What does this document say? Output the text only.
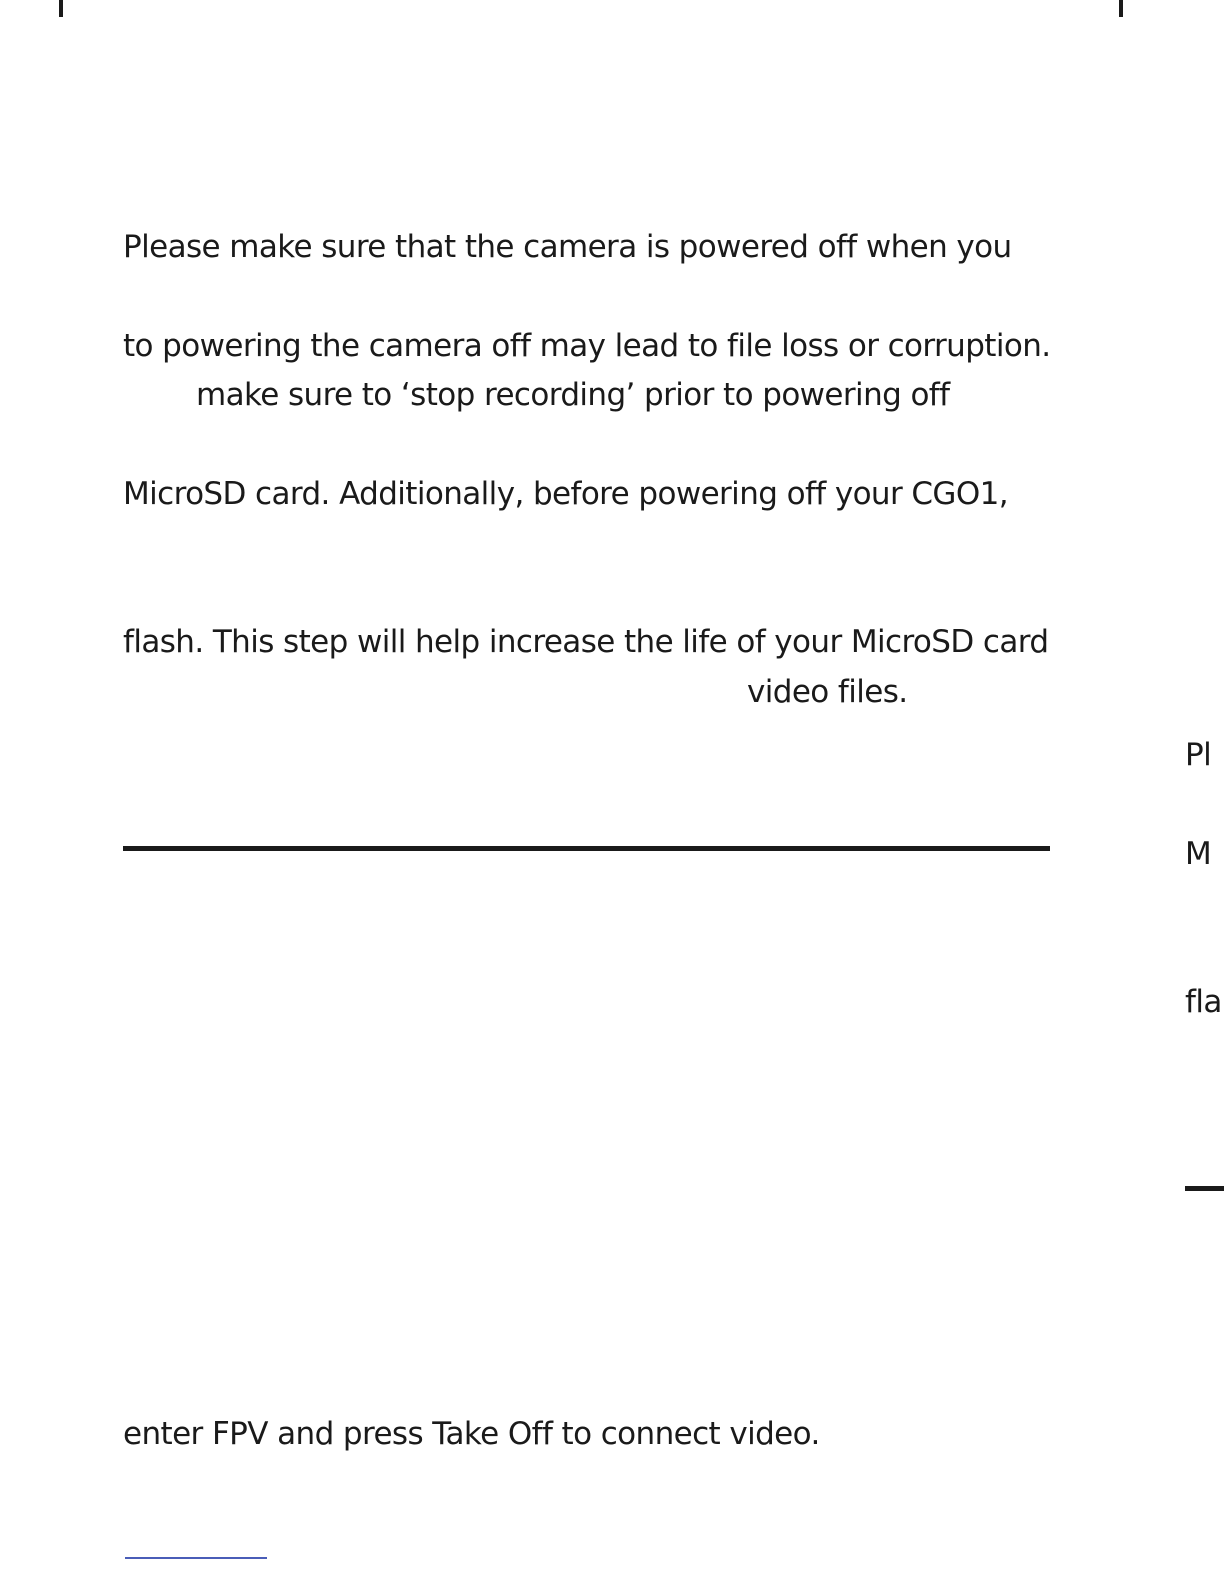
Please make sure that the camera is powered off when you
to powering the camera off may lead to file loss or corruption.
make sure to ‘stop recording’ prior to powering off
MicroSD card. Additionally, before powering off your CGO1,
flash. This step will help increase the life of your MicroSD card
video files.
enter FPV and press Take Off to connect video.
Pl
M
fla
